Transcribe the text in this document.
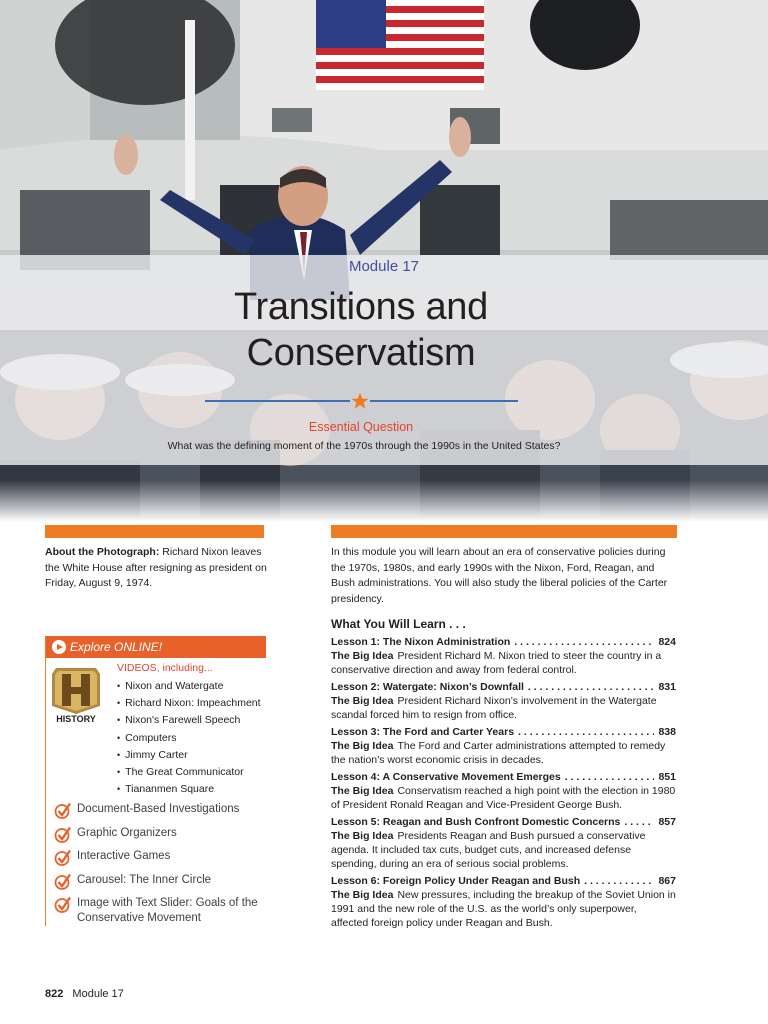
Module 17
Transitions and
Conservatism
Essential Question
What was the defining moment of the 1970s through the 1990s in the United States?
About the Photograph: Richard Nixon leaves the White House after resigning as president on Friday, August 9, 1974.
Explore ONLINE!
HISTORY
VIDEOS, including...
• Nixon and Watergate
• Richard Nixon: Impeachment
• Nixon's Farewell Speech
• Computers
• Jimmy Carter
• The Great Communicator
• Tiananmen Square
Document-Based Investigations
Graphic Organizers
Interactive Games
Carousel: The Inner Circle
Image with Text Slider: Goals of the Conservative Movement
In this module you will learn about an era of conservative policies during the 1970s, 1980s, and early 1990s with the Nixon, Ford, Reagan, and Bush administrations. You will also study the liberal policies of the Carter presidency.
What You Will Learn . . .
Lesson 1: The Nixon Administration . . .	824
The Big Idea President Richard M. Nixon tried to steer the country in a conservative direction and away from federal control.
Lesson 2: Watergate: Nixon’s Downfall . . .	831
The Big Idea President Richard Nixon’s involvement in the Watergate scandal forced him to resign from office.
Lesson 3: The Ford and Carter Years . . .	838
The Big Idea The Ford and Carter administrations attempted to remedy the nation’s worst economic crisis in decades.
Lesson 4: A Conservative Movement Emerges . . .	851
The Big Idea Conservatism reached a high point with the election in 1980 of President Ronald Reagan and Vice-President George Bush.
Lesson 5: Reagan and Bush Confront Domestic Concerns . . .	857
The Big Idea Presidents Reagan and Bush pursued a conservative agenda. It included tax cuts, budget cuts, and increased defense spending, during an era of serious social problems.
Lesson 6: Foreign Policy Under Reagan and Bush . . .	867
The Big Idea New pressures, including the breakup of the Soviet Union in 1991 and the new role of the U.S. as the world’s only superpower, affected foreign policy under Reagan and Bush.
822 Module 17
